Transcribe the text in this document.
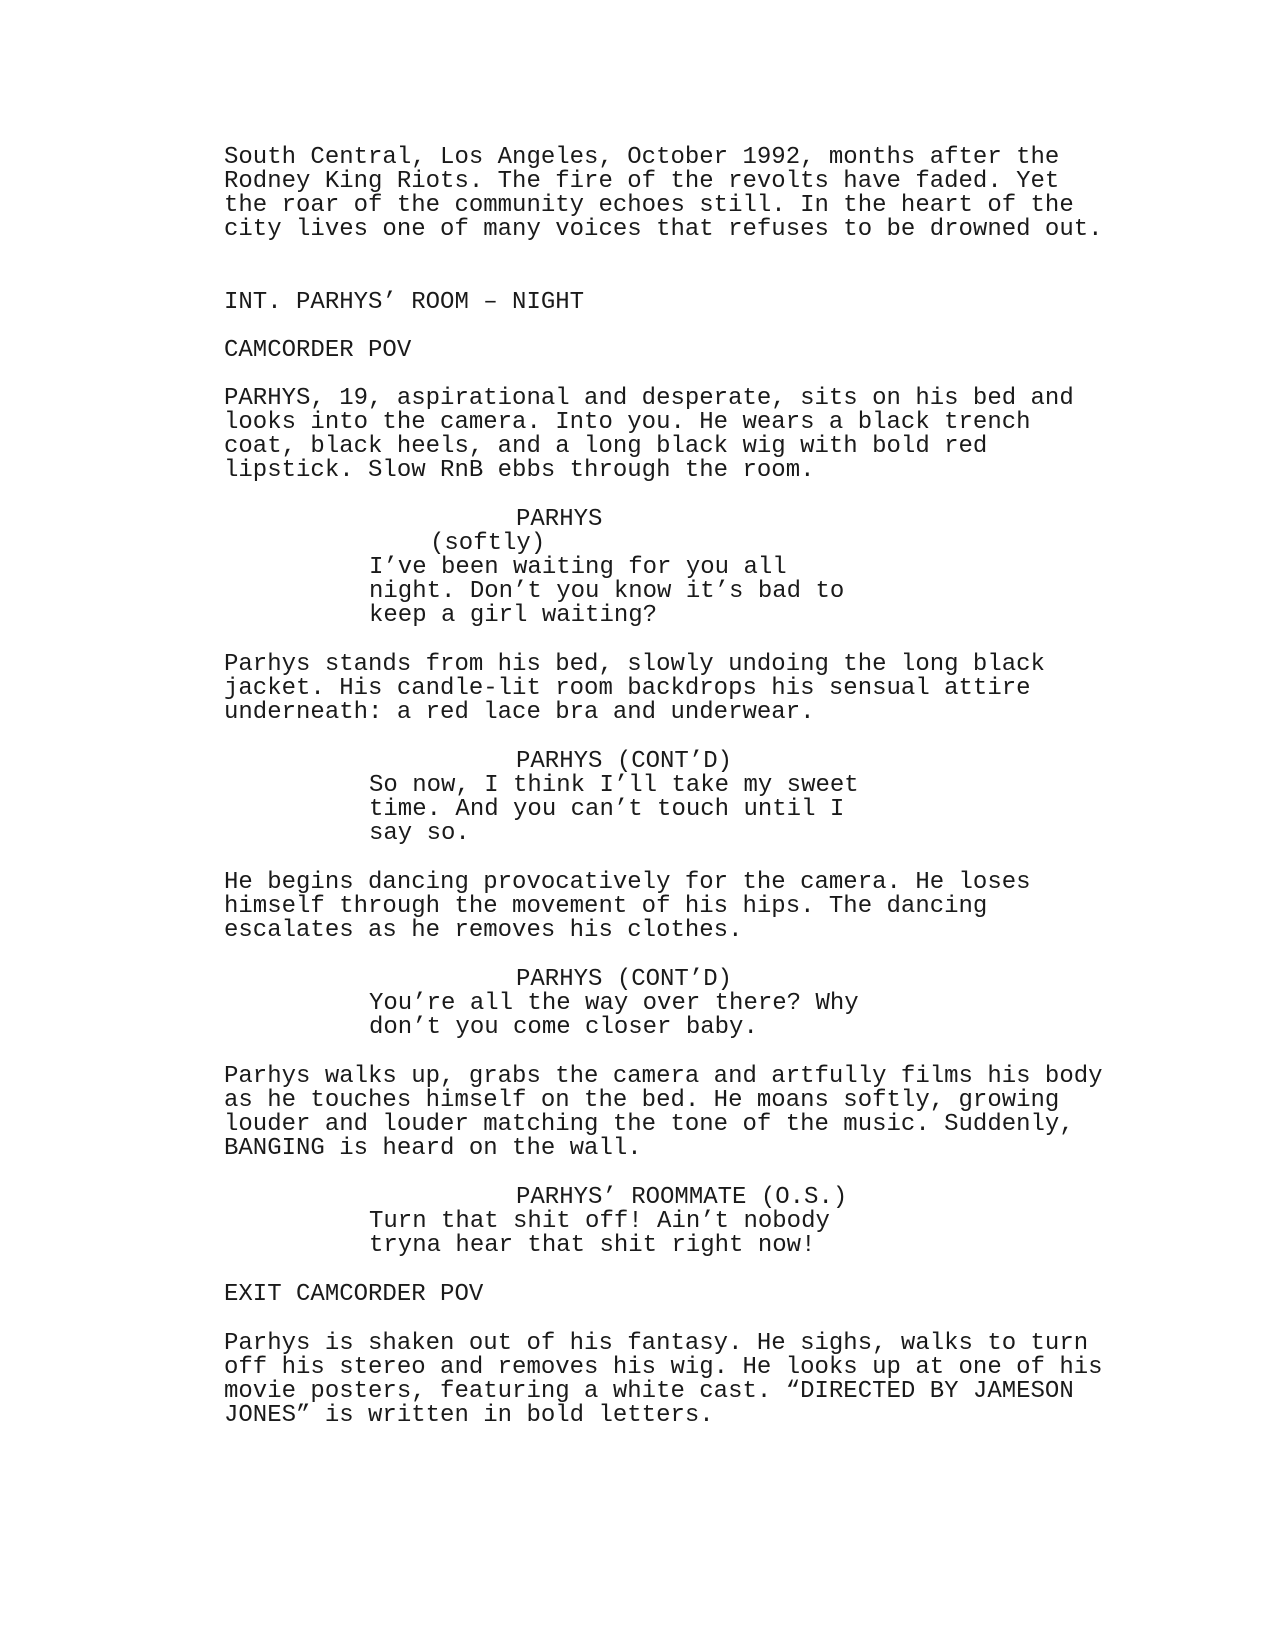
South Central, Los Angeles, October 1992, months after the

Rodney King Riots. The fire of the revolts have faded. Yet

the roar of the community echoes still. In the heart of the

city lives one of many voices that refuses to be drowned out.

INT. PARHYS’ ROOM – NIGHT

CAMCORDER POV

PARHYS, 19, aspirational and desperate, sits on his bed and

looks into the camera. Into you. He wears a black trench

coat, black heels, and a long black wig with bold red

lipstick. Slow RnB ebbs through the room.

PARHYS

(softly)

I’ve been waiting for you all

night. Don’t you know it’s bad to

keep a girl waiting?

Parhys stands from his bed, slowly undoing the long black

jacket. His candle-lit room backdrops his sensual attire

underneath: a red lace bra and underwear.

PARHYS (CONT’D)

So now, I think I’ll take my sweet

time. And you can’t touch until I

say so.

He begins dancing provocatively for the camera. He loses

himself through the movement of his hips. The dancing

escalates as he removes his clothes.

PARHYS (CONT’D)

You’re all the way over there? Why

don’t you come closer baby.

Parhys walks up, grabs the camera and artfully films his body

as he touches himself on the bed. He moans softly, growing

louder and louder matching the tone of the music. Suddenly,

BANGING is heard on the wall.

PARHYS’ ROOMMATE (O.S.)

Turn that shit off! Ain’t nobody

tryna hear that shit right now!

EXIT CAMCORDER POV

Parhys is shaken out of his fantasy. He sighs, walks to turn

off his stereo and removes his wig. He looks up at one of his

movie posters, featuring a white cast. “DIRECTED BY JAMESON

JONES” is written in bold letters.
